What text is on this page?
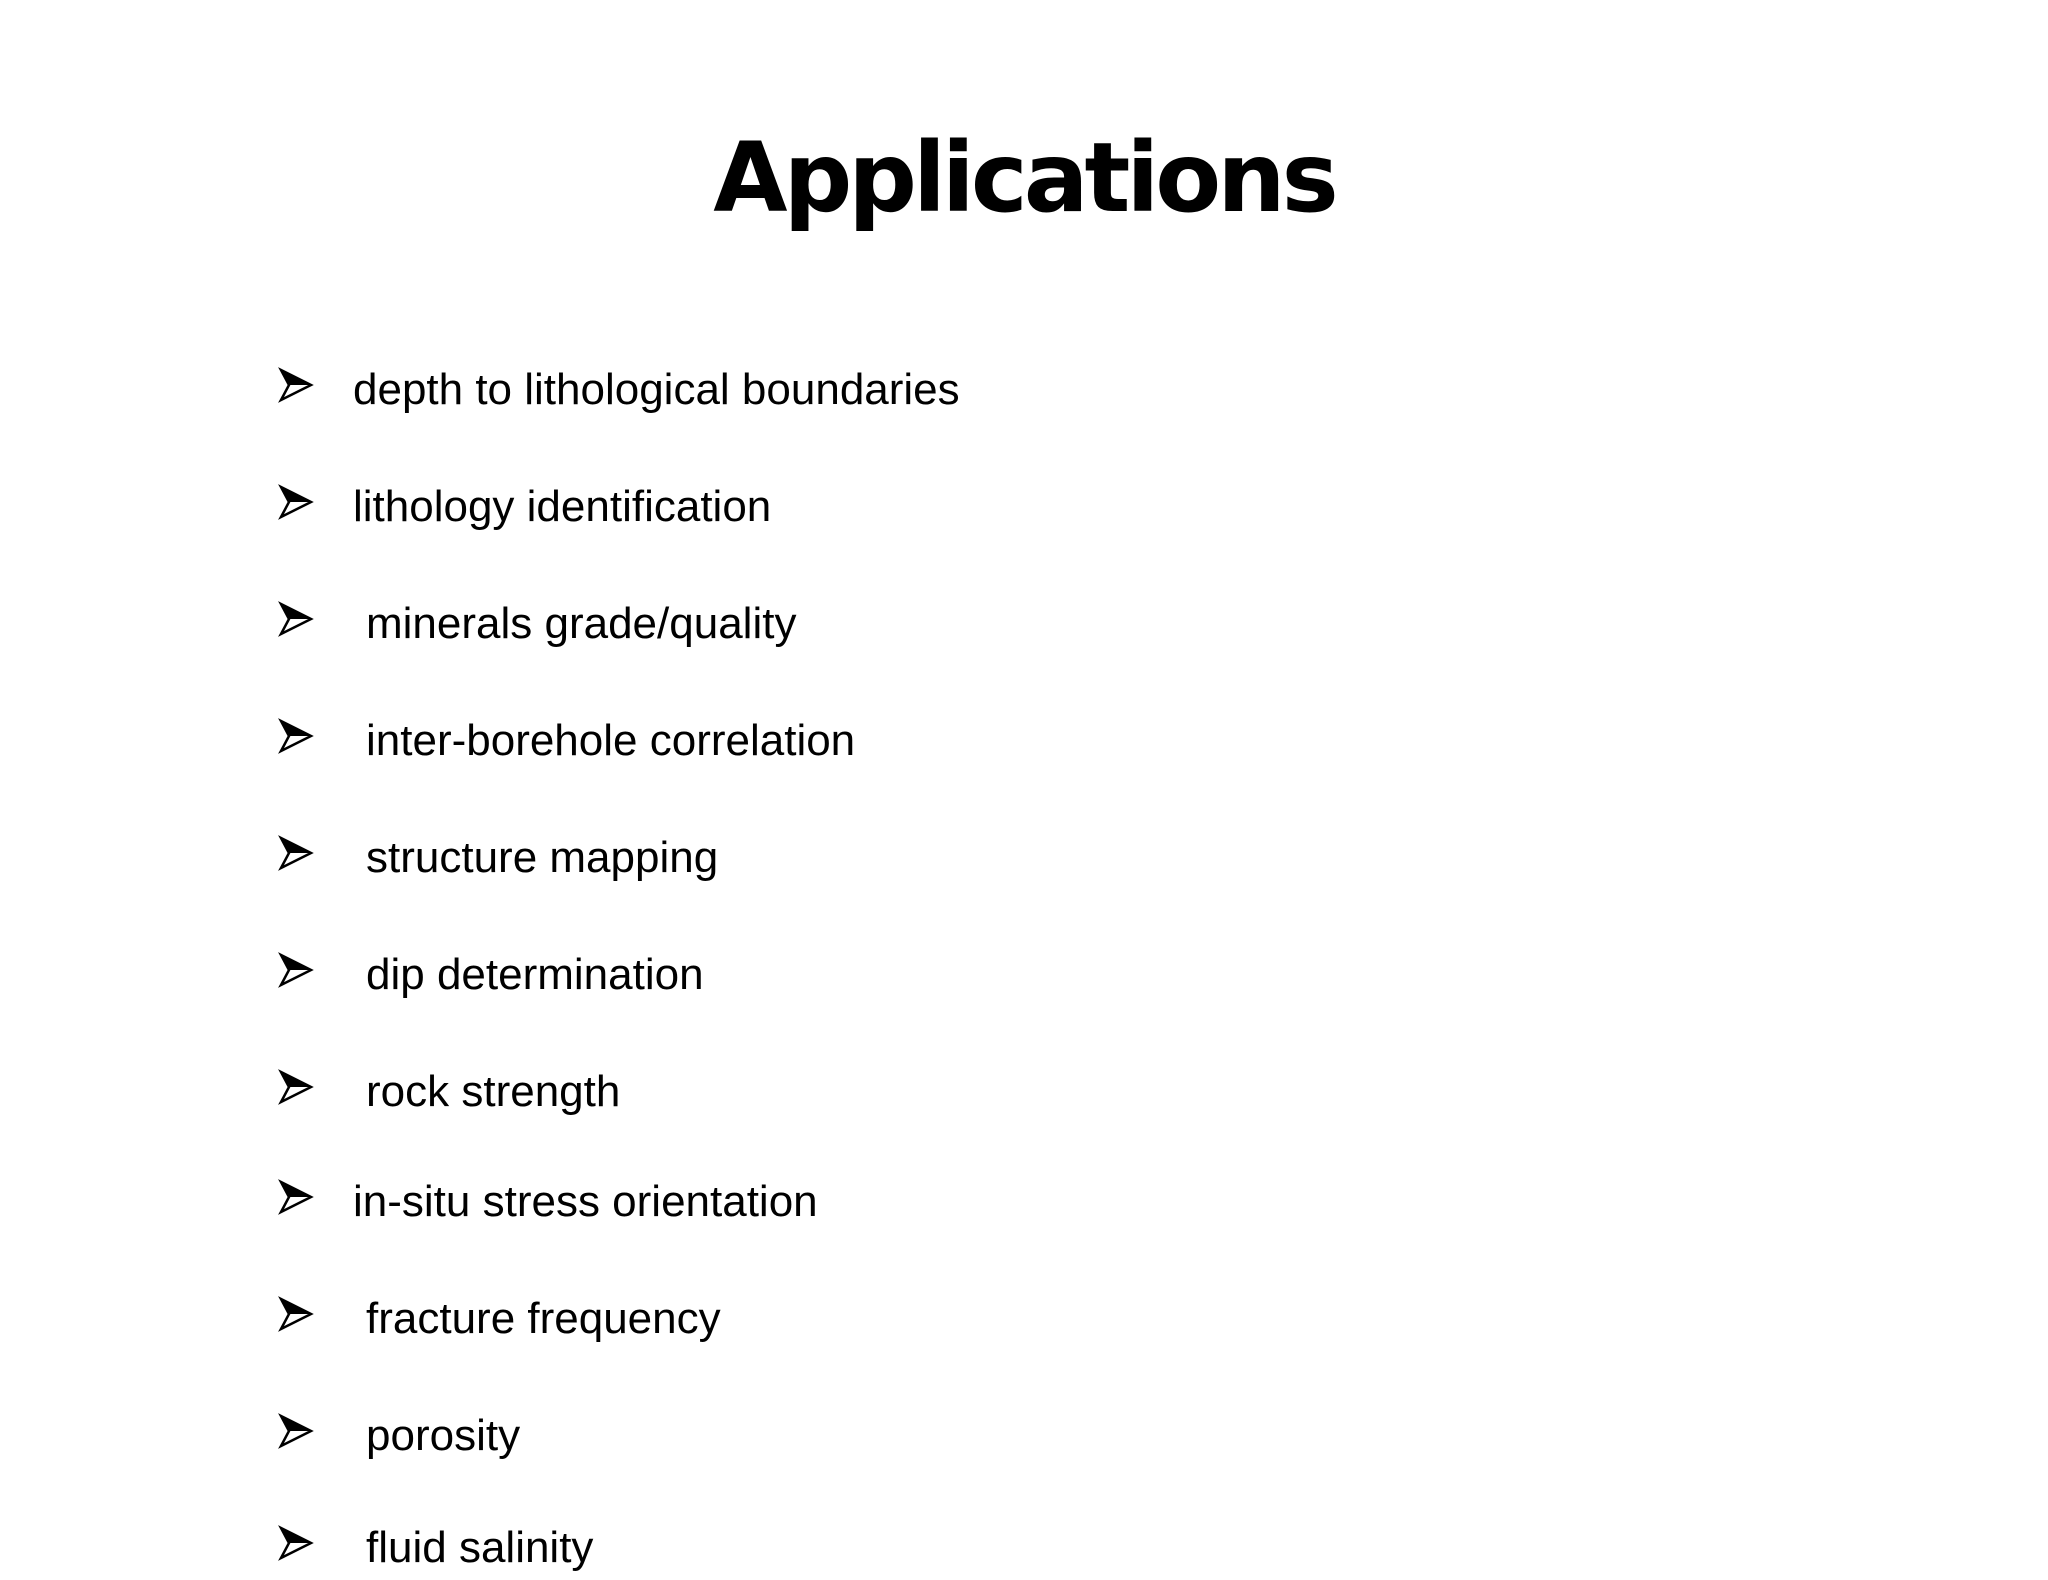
Applications
depth to lithological boundaries
lithology identification
minerals grade/quality
inter-borehole correlation
structure mapping
dip determination
rock strength
in-situ stress orientation
fracture frequency
porosity
fluid salinity
